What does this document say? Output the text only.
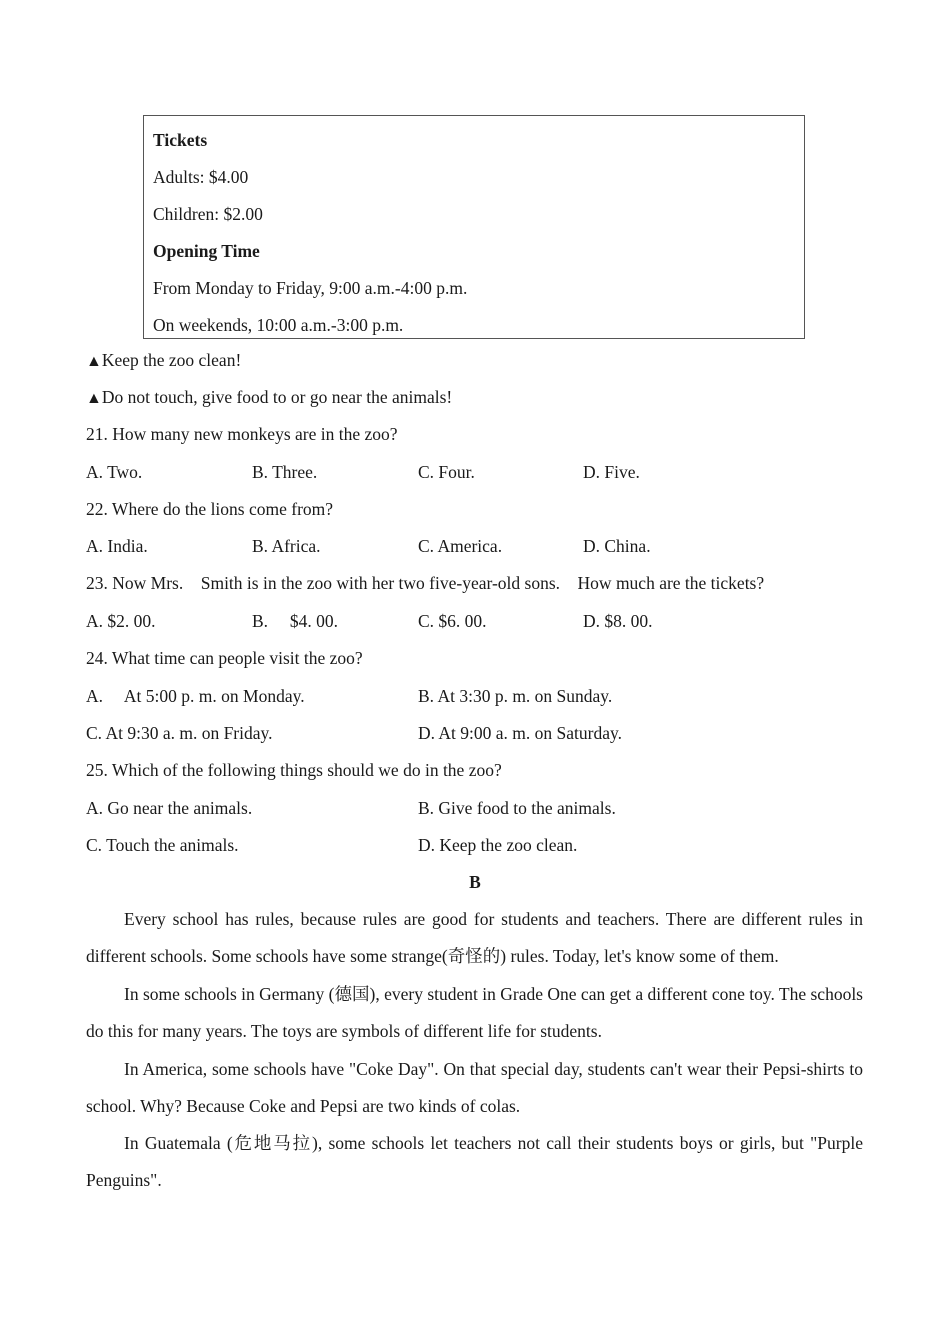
Tickets
Adults: $4.00
Children: $2.00
Opening Time
From Monday to Friday, 9:00 a.m.-4:00 p.m.
On weekends, 10:00 a.m.-3:00 p.m.
▲Keep the zoo clean!
▲Do not touch, give food to or go near the animals!
21. How many new monkeys are in the zoo?
A. Two.	B. Three.	C. Four.	D. Five.
22. Where do the lions come from?
A. India.	B. Africa.	C. America.	D. China.
23. Now Mrs. Smith is in the zoo with her two five-year-old sons. How much are the tickets?
A. $2. 00.	B.  $4. 00.	C. $6. 00.	D. $8. 00.
24. What time can people visit the zoo?
A.  At 5:00 p. m. on Monday.	B. At 3:30 p. m. on Sunday.
C. At 9:30 a. m. on Friday.	D. At 9:00 a. m. on Saturday.
25. Which of the following things should we do in the zoo?
A. Go near the animals.	B. Give food to the animals.
C. Touch the animals.	D. Keep the zoo clean.
B

Every school has rules, because rules are good for students and teachers. There are different rules in different schools. Some schools have some strange(奇怪的) rules. Today, let's know some of them.

In some schools in Germany (德国), every student in Grade One can get a different cone toy. The schools do this for many years. The toys are symbols of different life for students.

In America, some schools have "Coke Day". On that special day, students can't wear their Pepsi-shirts to school. Why? Because Coke and Pepsi are two kinds of colas.

In Guatemala (危地马拉), some schools let teachers not call their students boys or girls, but "Purple Penguins".
